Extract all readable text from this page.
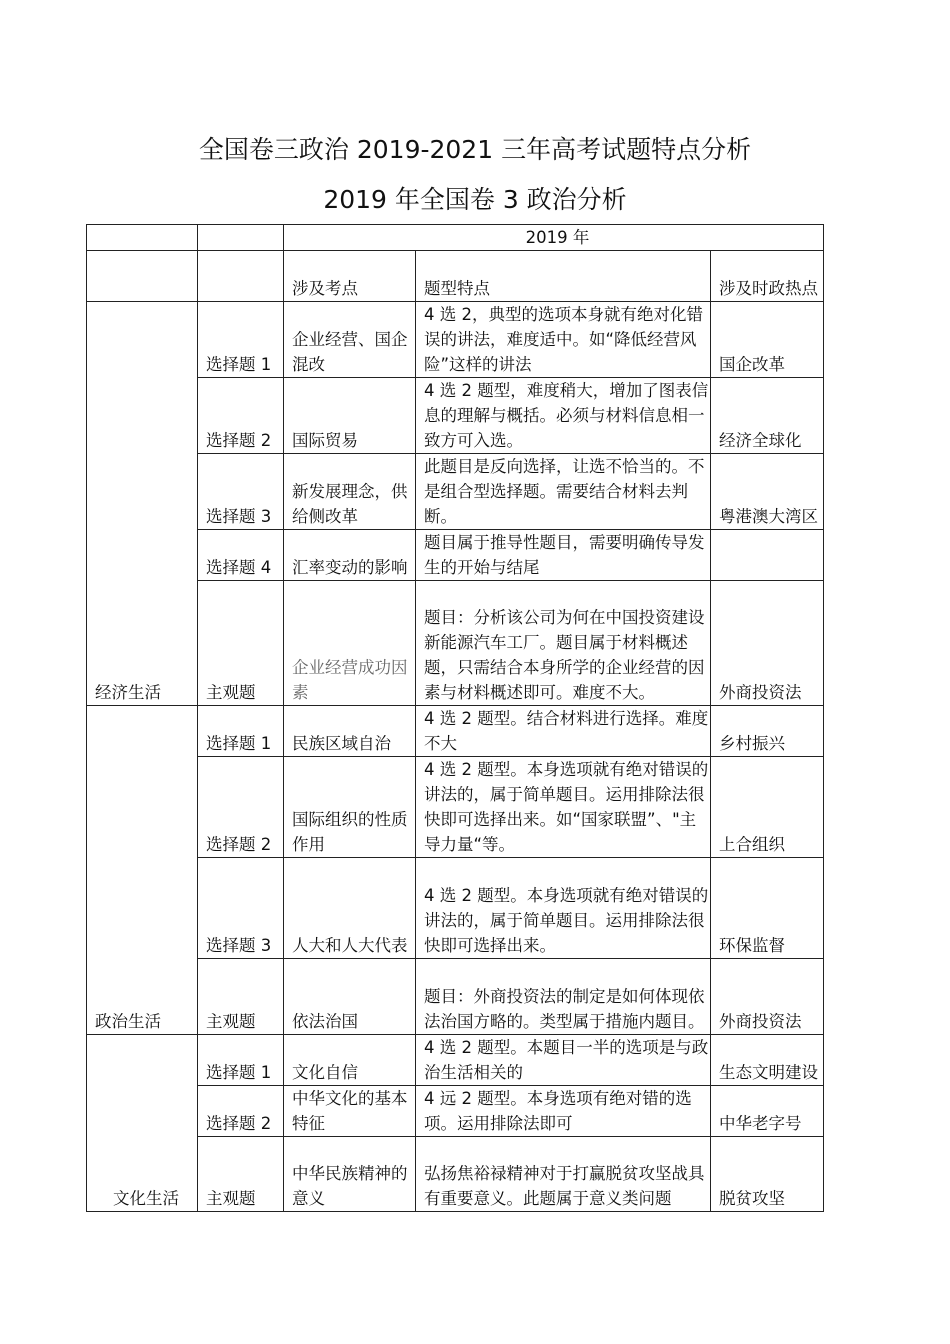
全国卷三政治 2019-2021 三年高考试题特点分析
2019 年全国卷 3 政治分析
		2019 年		
		涉及考点	题型特点	涉及时政热点
经济生活	选择题 1	企业经营、国企混改	4 选 2，典型的选项本身就有绝对化错误的讲法，难度适中。如“降低经营风险”这样的讲法	国企改革
	选择题 2	国际贸易	4 选 2 题型，难度稍大，增加了图表信息的理解与概括。必须与材料信息相一致方可入选。	经济全球化
	选择题 3	新发展理念，供给侧改革	此题目是反向选择，让选不恰当的。不是组合型选择题。需要结合材料去判断。	粤港澳大湾区
	选择题 4	汇率变动的影响	题目属于推导性题目，需要明确传导发生的开始与结尾	
	主观题	企业经营成功因素	题目：分析该公司为何在中国投资建设新能源汽车工厂。题目属于材料概述题，只需结合本身所学的企业经营的因素与材料概述即可。难度不大。	外商投资法
政治生活	选择题 1	民族区域自治	4 选 2 题型。结合材料进行选择。难度不大	乡村振兴
	选择题 2	国际组织的性质作用	4 选 2 题型。本身选项就有绝对错误的讲法的，属于简单题目。运用排除法很快即可选择出来。如“国家联盟”、"主导力量“等。	上合组织
	选择题 3	人大和人大代表	4 选 2 题型。本身选项就有绝对错误的讲法的，属于简单题目。运用排除法很快即可选择出来。	环保监督
	主观题	依法治国	题目：外商投资法的制定是如何体现依法治国方略的。类型属于措施内题目。	外商投资法
文化生活	选择题 1	文化自信	4 选 2 题型。本题目一半的选项是与政治生活相关的	生态文明建设
	选择题 2	中华文化的基本特征	4 远 2 题型。本身选项有绝对错的选项。运用排除法即可	中华老字号
	主观题	中华民族精神的意义	弘扬焦裕禄精神对于打赢脱贫攻坚战具有重要意义。此题属于意义类问题	脱贫攻坚
